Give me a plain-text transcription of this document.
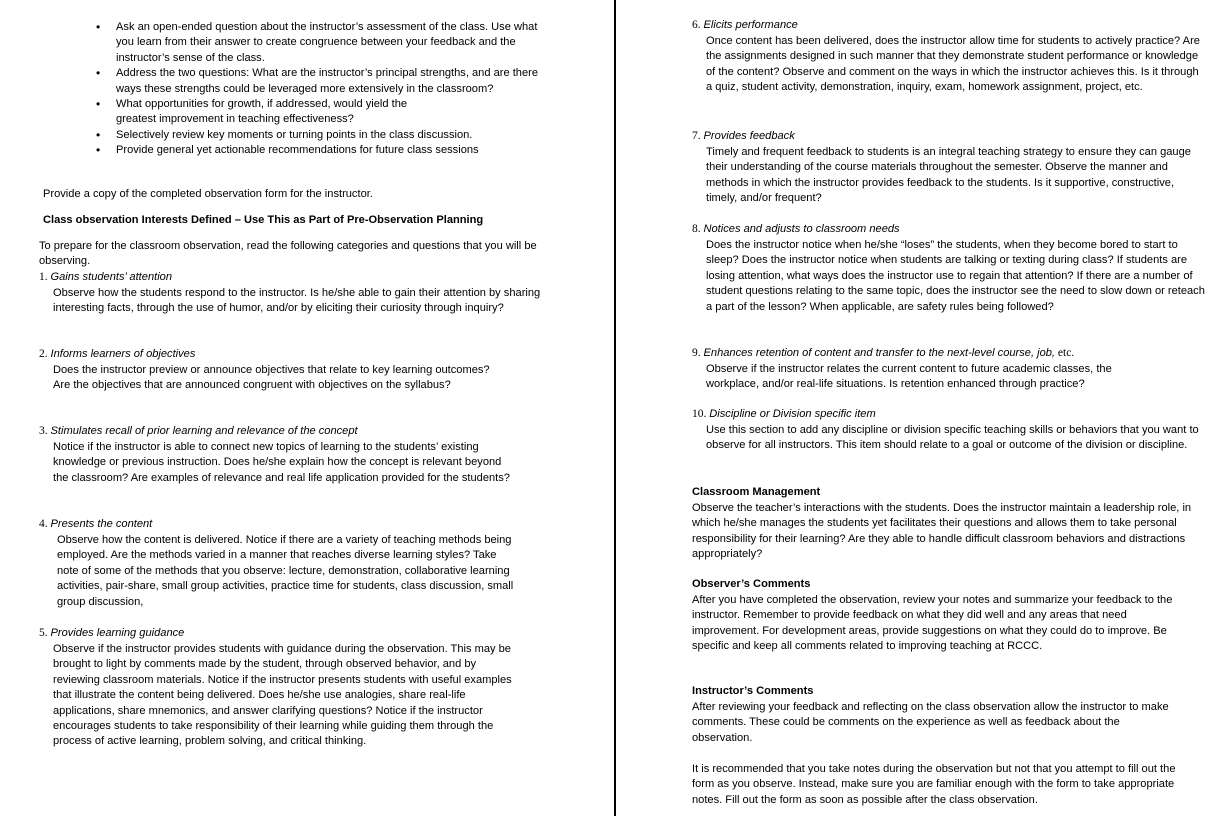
• Ask an open-ended question about the instructor’s assessment of the class. Use what you learn from their answer to create congruence between your feedback and the instructor’s sense of the class.
• Address the two questions: What are the instructor’s principal strengths, and are there ways these strengths could be leveraged more extensively in the classroom?
• What opportunities for growth, if addressed, would yield the greatest improvement in teaching effectiveness?
• Selectively review key moments or turning points in the class discussion.
• Provide general yet actionable recommendations for future class sessions

Provide a copy of the completed observation form for the instructor.

Class observation Interests Defined – Use This as Part of Pre-Observation Planning

To prepare for the classroom observation, read the following categories and questions that you will be observing.

1. Gains students’ attention

Observe how the students respond to the instructor. Is he/she able to gain their attention by sharing interesting facts, through the use of humor, and/or by eliciting their curiosity through inquiry?

2. Informs learners of objectives

Does the instructor preview or announce objectives that relate to key learning outcomes? Are the objectives that are announced congruent with objectives on the syllabus?

3. Stimulates recall of prior learning and relevance of the concept

Notice if the instructor is able to connect new topics of learning to the students’ existing knowledge or previous instruction. Does he/she explain how the concept is relevant beyond the classroom? Are examples of relevance and real life application provided for the students?

4. Presents the content

Observe how the content is delivered. Notice if there are a variety of teaching methods being employed. Are the methods varied in a manner that reaches diverse learning styles? Take note of some of the methods that you observe: lecture, demonstration, collaborative learning activities, pair-share, small group activities, practice time for students, class discussion, small group discussion,

5. Provides learning guidance

Observe if the instructor provides students with guidance during the observation. This may be brought to light by comments made by the student, through observed behavior, and by reviewing classroom materials. Notice if the instructor presents students with useful examples that illustrate the content being delivered. Does he/she use analogies, share real-life applications, share mnemonics, and answer clarifying questions? Notice if the instructor encourages students to take responsibility of their learning while guiding them through the process of active learning, problem solving, and critical thinking.

6. Elicits performance

Once content has been delivered, does the instructor allow time for students to actively practice? Are the assignments designed in such manner that they demonstrate student performance or knowledge of the content? Observe and comment on the ways in which the instructor achieves this. Is it through a quiz, student activity, demonstration, inquiry, exam, homework assignment, project, etc.

7. Provides feedback

Timely and frequent feedback to students is an integral teaching strategy to ensure they can gauge their understanding of the course materials throughout the semester. Observe the manner and methods in which the instructor provides feedback to the students. Is it supportive, constructive, timely, and/or frequent?

8. Notices and adjusts to classroom needs

Does the instructor notice when he/she “loses” the students, when they become bored to start to sleep? Does the instructor notice when students are talking or texting during class? If students are losing attention, what ways does the instructor use to regain that attention? If there are a number of student questions relating to the same topic, does the instructor see the need to slow down or reteach a part of the lesson? When applicable, are safety rules being followed?

9. Enhances retention of content and transfer to the next-level course, job, etc.

Observe if the instructor relates the current content to future academic classes, the workplace, and/or real-life situations. Is retention enhanced through practice?

10. Discipline or Division specific item

Use this section to add any discipline or division specific teaching skills or behaviors that you want to observe for all instructors. This item should relate to a goal or outcome of the division or discipline.

Classroom Management

Observe the teacher’s interactions with the students. Does the instructor maintain a leadership role, in which he/she manages the students yet facilitates their questions and allows them to take personal responsibility for their learning? Are they able to handle difficult classroom behaviors and distractions appropriately?

Observer’s Comments

After you have completed the observation, review your notes and summarize your feedback to the instructor. Remember to provide feedback on what they did well and any areas that need improvement. For development areas, provide suggestions on what they could do to improve. Be specific and keep all comments related to improving teaching at RCCC.

Instructor’s Comments

After reviewing your feedback and reflecting on the class observation allow the instructor to make comments. These could be comments on the experience as well as feedback about the observation.

It is recommended that you take notes during the observation but not that you attempt to fill out the form as you observe. Instead, make sure you are familiar enough with the form to take appropriate notes. Fill out the form as soon as possible after the class observation.
